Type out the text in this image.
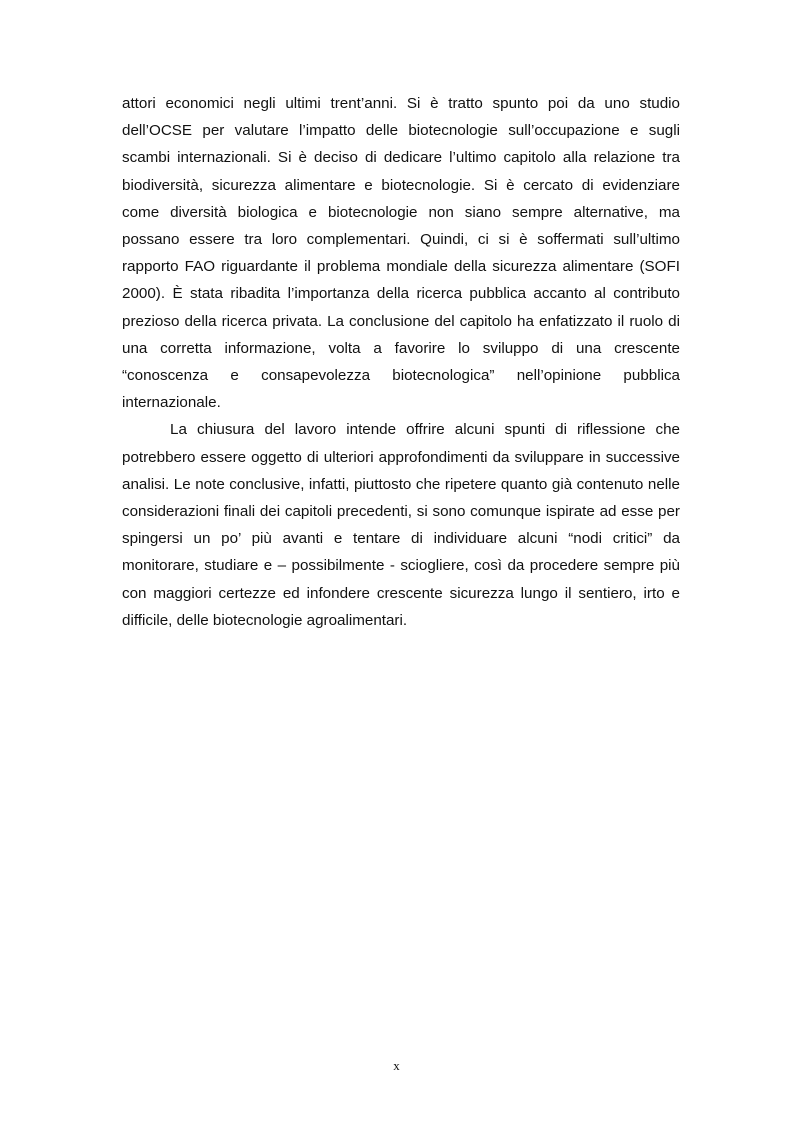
attori economici negli ultimi trent’anni. Si è tratto spunto poi da uno studio dell’OCSE per valutare l’impatto delle biotecnologie sull’occupazione e sugli scambi internazionali. Si è deciso di dedicare l’ultimo capitolo alla relazione tra biodiversità, sicurezza alimentare e biotecnologie. Si è cercato di evidenziare come diversità biologica e biotecnologie non siano sempre alternative, ma possano essere tra loro complementari. Quindi, ci si è soffermati sull’ultimo rapporto FAO riguardante il problema mondiale della sicurezza alimentare (SOFI 2000). È stata ribadita l’importanza della ricerca pubblica accanto al contributo prezioso della ricerca privata. La conclusione del capitolo ha enfatizzato il ruolo di una corretta informazione, volta a favorire lo sviluppo di una crescente “conoscenza e consapevolezza biotecnologica” nell’opinione pubblica internazionale.

La chiusura del lavoro intende offrire alcuni spunti di riflessione che potrebbero essere oggetto di ulteriori approfondimenti da sviluppare in successive analisi. Le note conclusive, infatti, piuttosto che ripetere quanto già contenuto nelle considerazioni finali dei capitoli precedenti, si sono comunque ispirate ad esse per spingersi un po’ più avanti e tentare di individuare alcuni “nodi critici” da monitorare, studiare e – possibilmente - sciogliere, così da procedere sempre più con maggiori certezze ed infondere crescente sicurezza lungo il sentiero, irto e difficile, delle biotecnologie agroalimentari.

x
